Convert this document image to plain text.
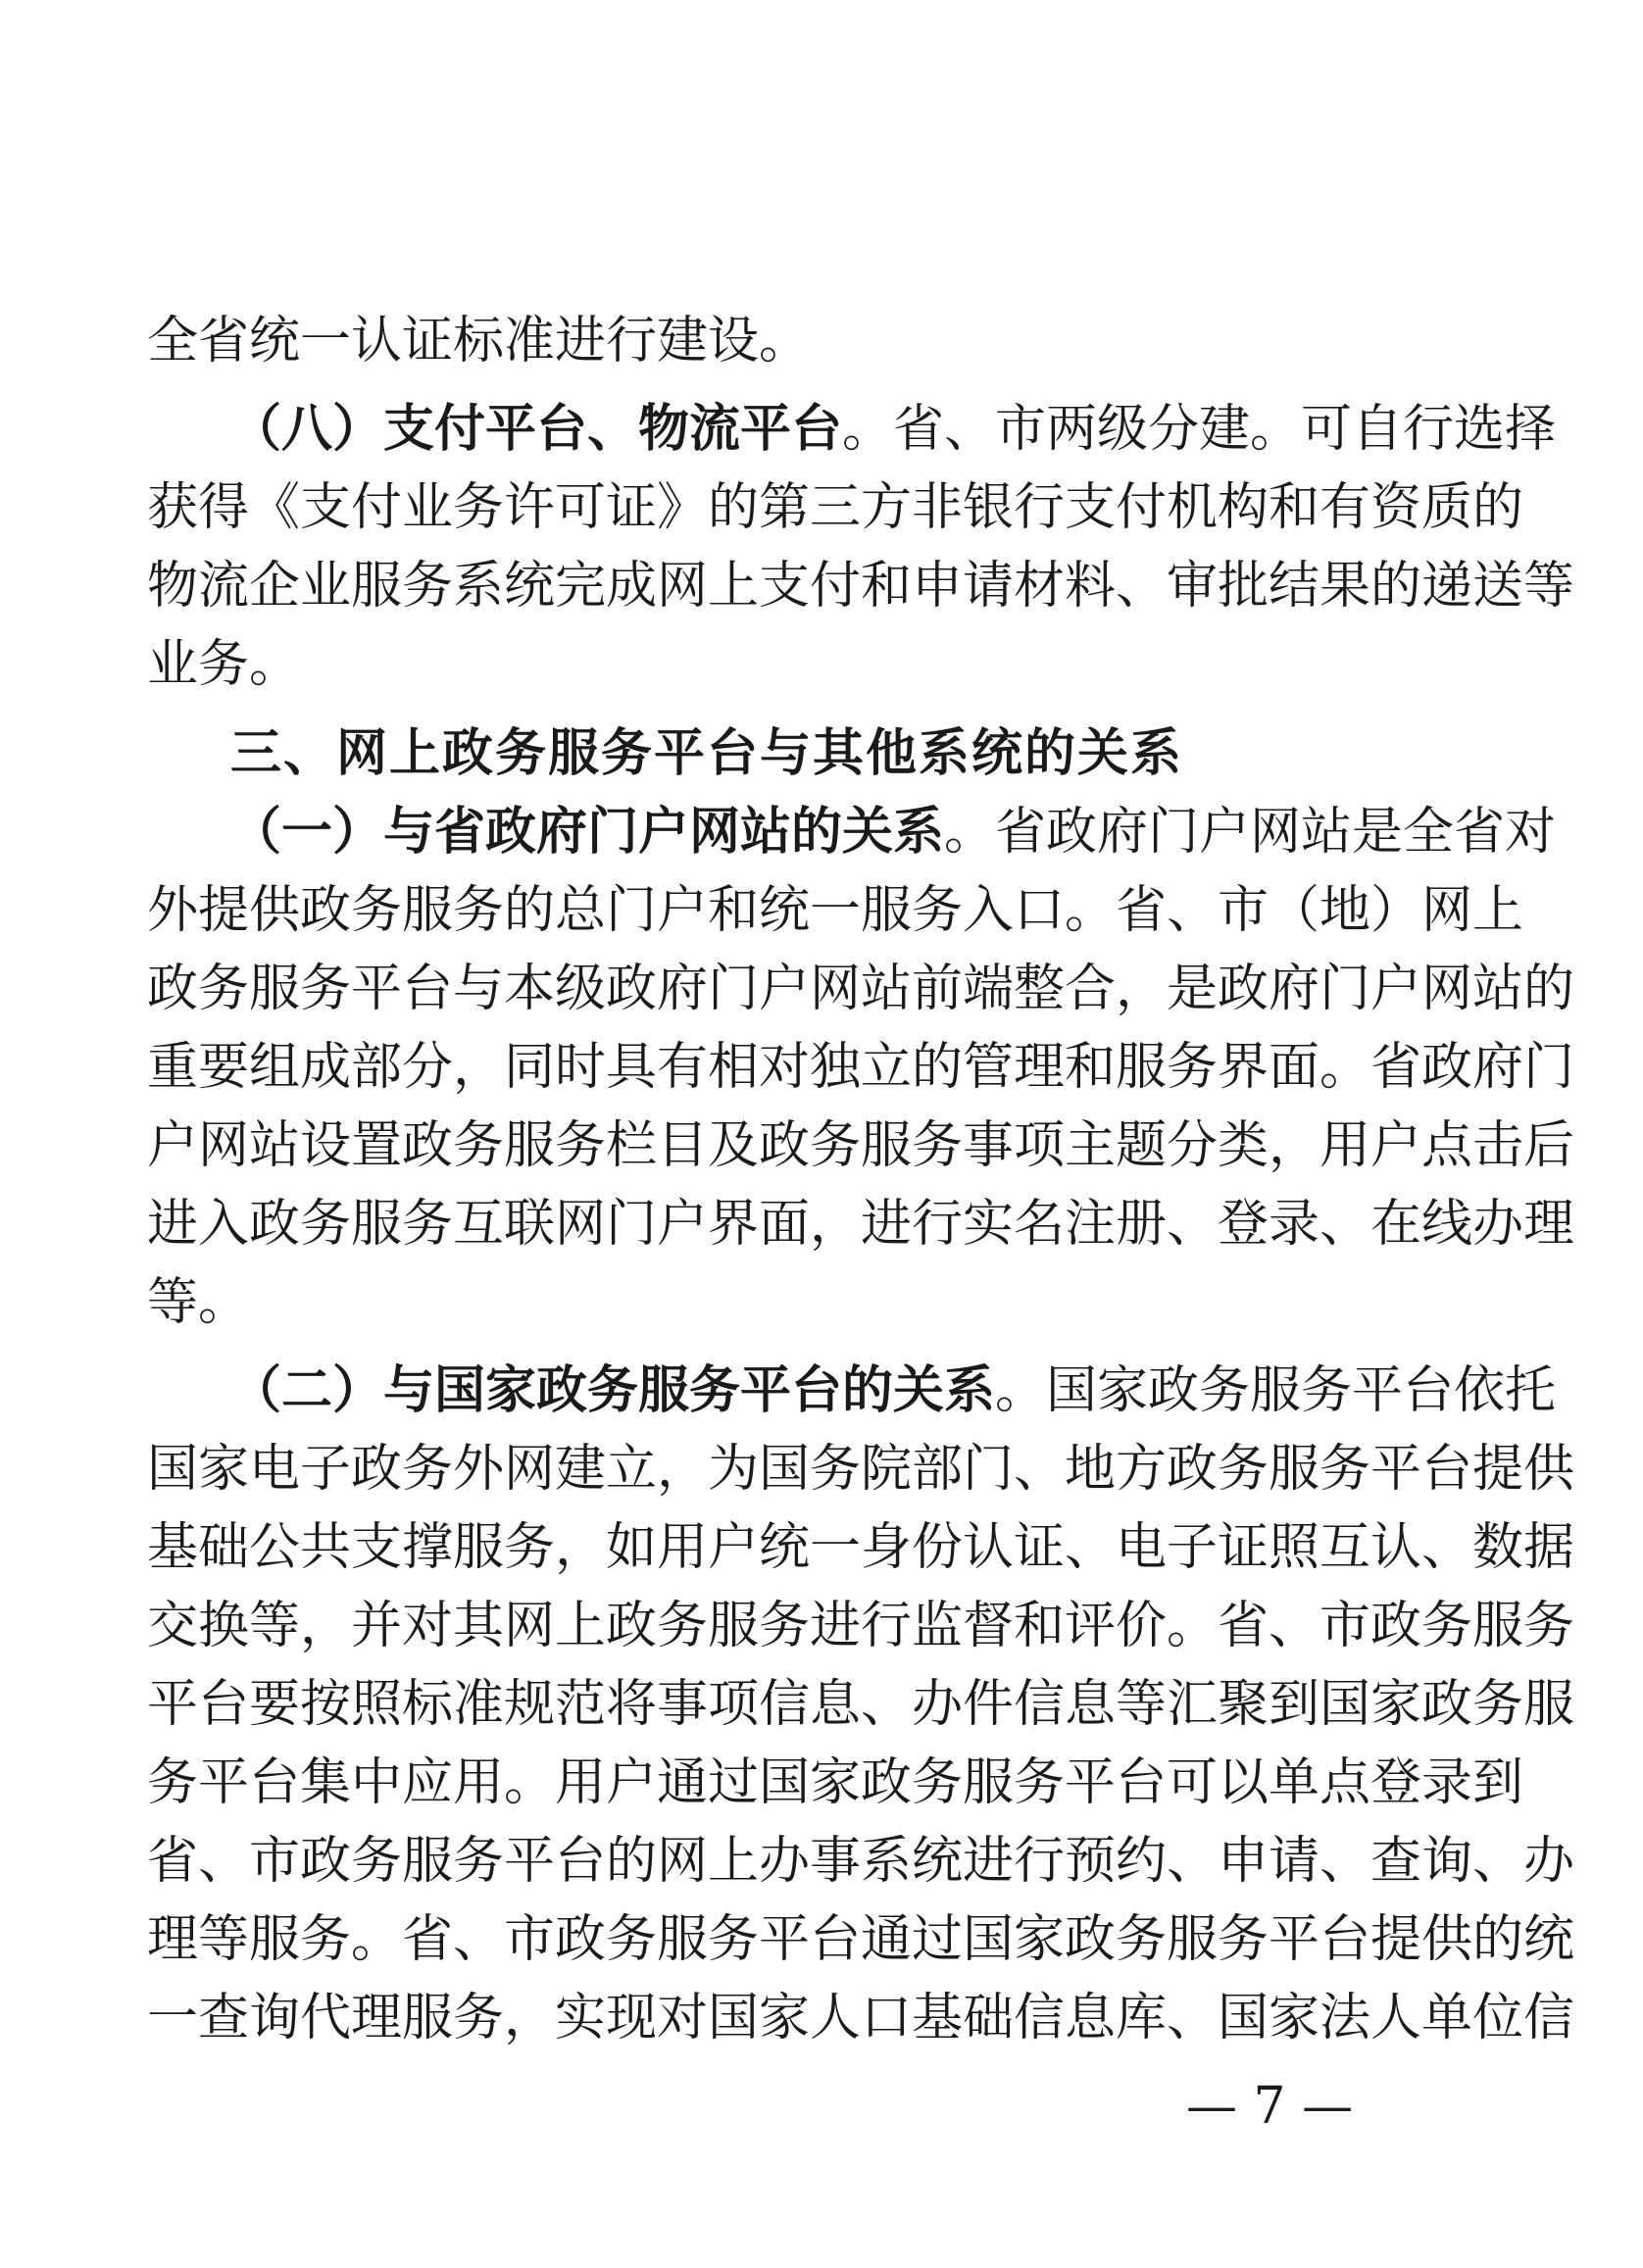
全省统一认证标准进行建设。
（八）支付平台、物流平台。省、市两级分建。可自行选择
获得《支付业务许可证》的第三方非银行支付机构和有资质的
物流企业服务系统完成网上支付和申请材料、审批结果的递送等
业务。
三、网上政务服务平台与其他系统的关系
（一）与省政府门户网站的关系。省政府门户网站是全省对
外提供政务服务的总门户和统一服务入口。省、市（地）网上
政务服务平台与本级政府门户网站前端整合，是政府门户网站的
重要组成部分，同时具有相对独立的管理和服务界面。省政府门
户网站设置政务服务栏目及政务服务事项主题分类，用户点击后
进入政务服务互联网门户界面，进行实名注册、登录、在线办理
等。
（二）与国家政务服务平台的关系。国家政务服务平台依托
国家电子政务外网建立，为国务院部门、地方政务服务平台提供
基础公共支撑服务，如用户统一身份认证、电子证照互认、数据
交换等，并对其网上政务服务进行监督和评价。省、市政务服务
平台要按照标准规范将事项信息、办件信息等汇聚到国家政务服
务平台集中应用。用户通过国家政务服务平台可以单点登录到
省、市政务服务平台的网上办事系统进行预约、申请、查询、办
理等服务。省、市政务服务平台通过国家政务服务平台提供的统
一查询代理服务，实现对国家人口基础信息库、国家法人单位信
— 7 —
